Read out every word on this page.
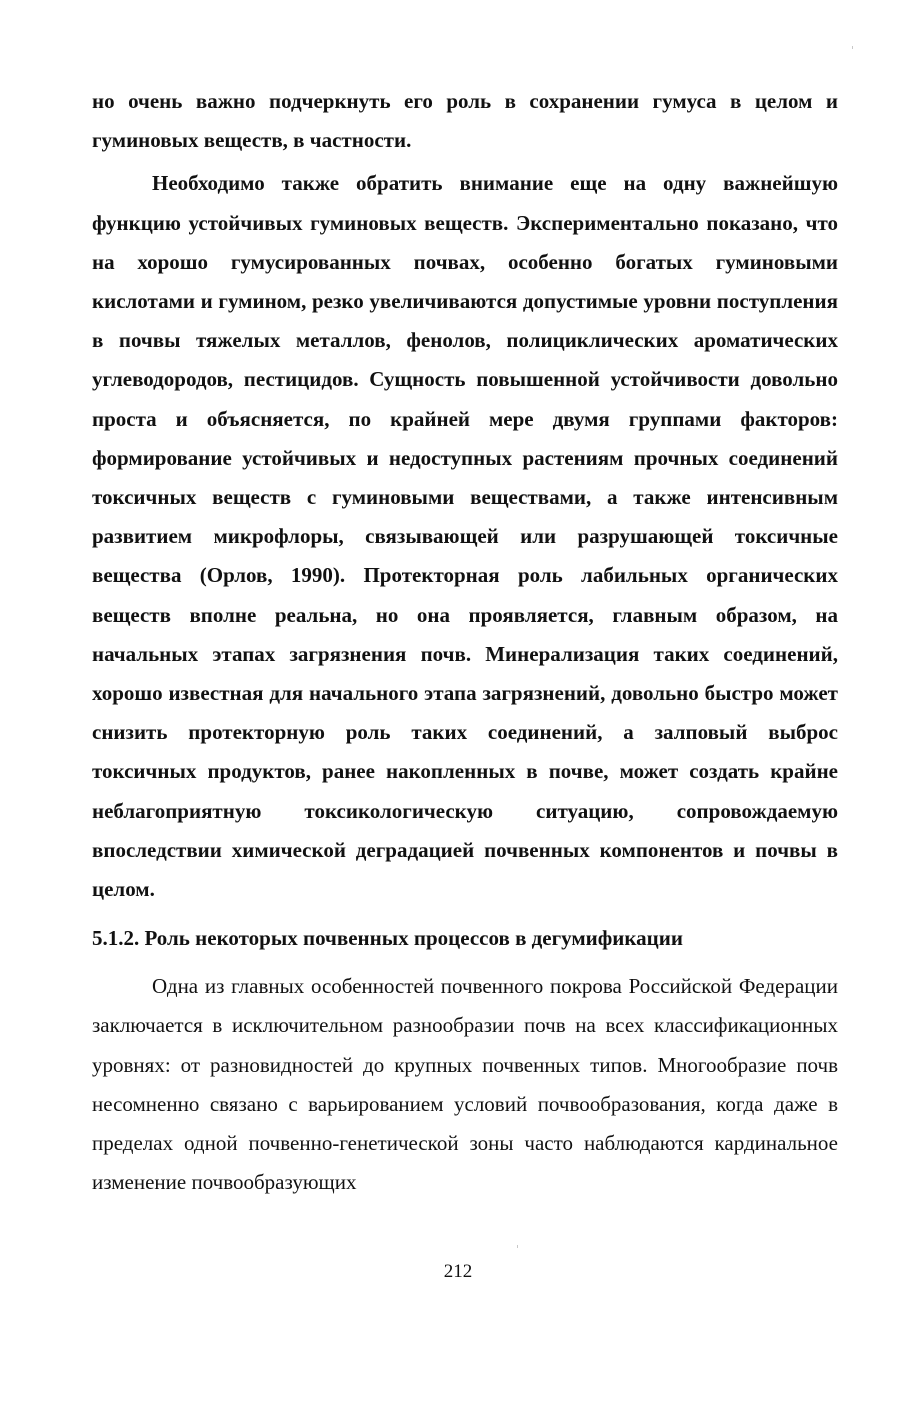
но очень важно подчеркнуть его роль в сохранении гумуса в целом и гуминовых веществ, в частности.

Необходимо также обратить внимание еще на одну важнейшую функцию устойчивых гуминовых веществ. Экспериментально показано, что на хорошо гумусированных почвах, особенно богатых гуминовыми кислотами и гумином, резко увеличиваются допустимые уровни поступления в почвы тяжелых металлов, фенолов, полициклических ароматических углеводородов, пестицидов. Сущность повышенной устойчивости довольно проста и объясняется, по крайней мере двумя группами факторов: формирование устойчивых и недоступных растениям прочных соединений токсичных веществ с гуминовыми веществами, а также интенсивным развитием микрофлоры, связывающей или разрушающей токсичные вещества (Орлов, 1990). Протекторная роль лабильных органических веществ вполне реальна, но она проявляется, главным образом, на начальных этапах загрязнения почв. Минерализация таких соединений, хорошо известная для начального этапа загрязнений, довольно быстро может снизить протекторную роль таких соединений, а залповый выброс токсичных продуктов, ранее накопленных в почве, может создать крайне неблагоприятную токсикологическую ситуацию, сопровождаемую впоследствии химической деградацией почвенных компонентов и почвы в целом.

5.1.2. Роль некоторых почвенных процессов в дегумификации

Одна из главных особенностей почвенного покрова Российской Федерации заключается в исключительном разнообразии почв на всех классификационных уровнях: от разновидностей до крупных почвенных типов. Многообразие почв несомненно связано с варьированием условий почвообразования, когда даже в пределах одной почвенно-генетической зоны часто наблюдаются кардинальное изменение почвообразующих

212
